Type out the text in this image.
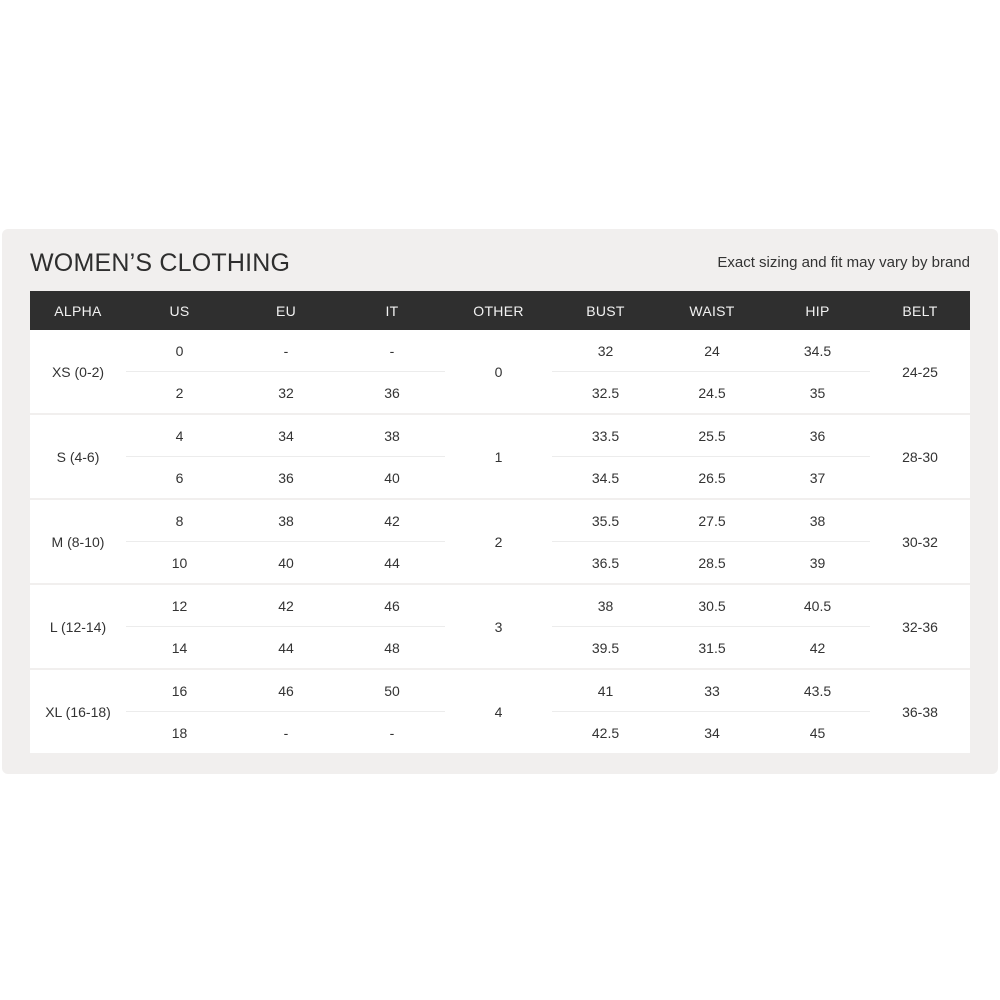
WOMEN’S CLOTHING	Exact sizing and fit may vary by brand
ALPHA	US	EU	IT	OTHER	BUST	WAIST	HIP	BELT
XS (0-2)	0	-	-	0	32	24	34.5	24-25
	2	32	36		32.5	24.5	35	

S (4-6)	4	34	38	1	33.5	25.5	36	28-30
	6	36	40		34.5	26.5	37	

M (8-10)	8	38	42	2	35.5	27.5	38	30-32
	10	40	44		36.5	28.5	39	

L (12-14)	12	42	46	3	38	30.5	40.5	32-36
	14	44	48		39.5	31.5	42	

XL (16-18)	16	46	50	4	41	33	43.5	36-38
	18	-	-		42.5	34	45	
